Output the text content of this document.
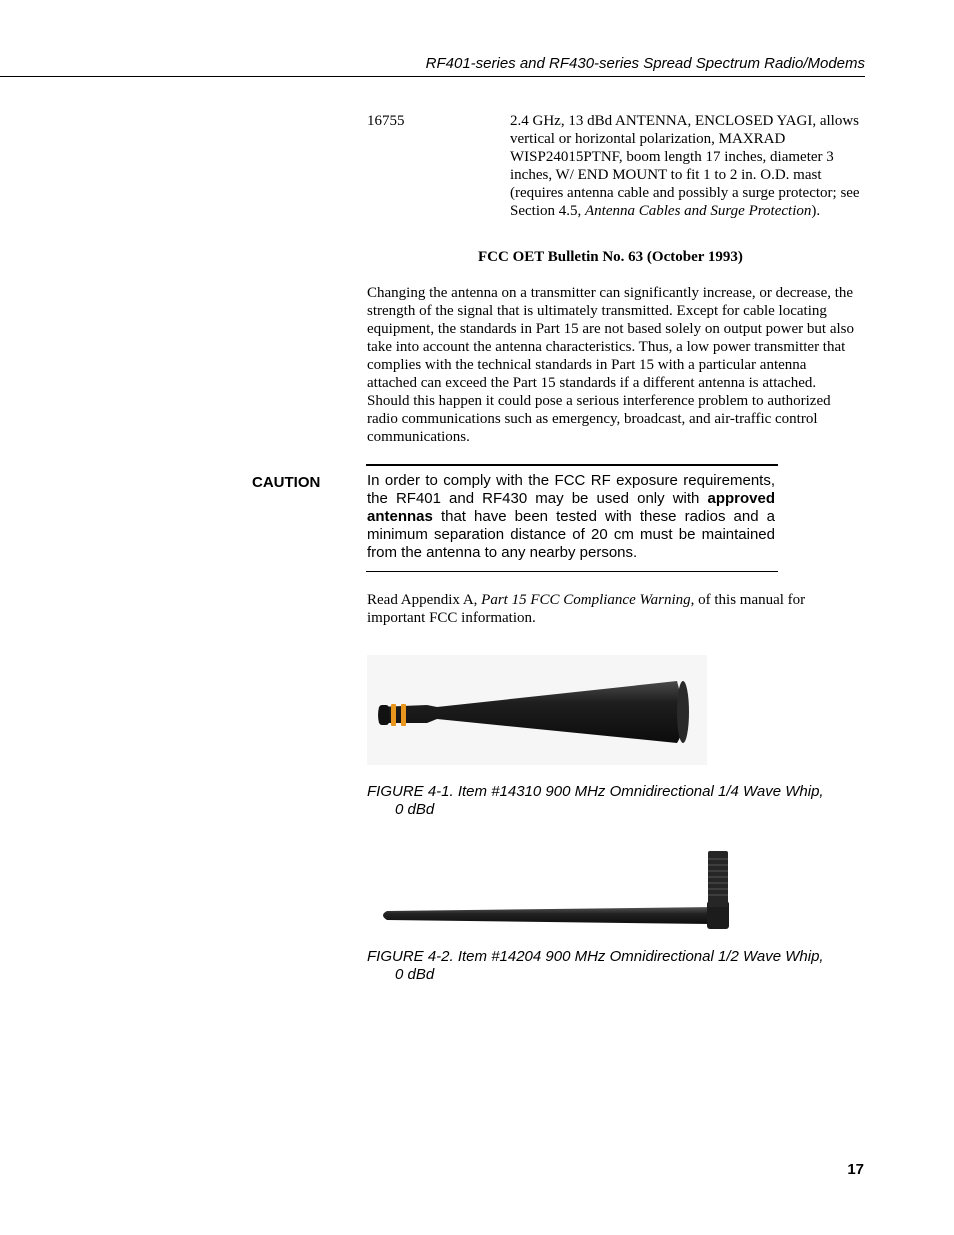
RF401-series and RF430-series Spread Spectrum Radio/Modems
16755	2.4 GHz, 13 dBd ANTENNA, ENCLOSED YAGI, allows vertical or horizontal polarization, MAXRAD WISP24015PTNF, boom length 17 inches, diameter 3 inches, W/ END MOUNT to fit 1 to 2 in. O.D. mast (requires antenna cable and possibly a surge protector; see Section 4.5, Antenna Cables and Surge Protection).
FCC OET Bulletin No. 63 (October 1993)
Changing the antenna on a transmitter can significantly increase, or decrease, the strength of the signal that is ultimately transmitted. Except for cable locating equipment, the standards in Part 15 are not based solely on output power but also take into account the antenna characteristics. Thus, a low power transmitter that complies with the technical standards in Part 15 with a particular antenna attached can exceed the Part 15 standards if a different antenna is attached. Should this happen it could pose a serious interference problem to authorized radio communications such as emergency, broadcast, and air-traffic control communications.
CAUTION	In order to comply with the FCC RF exposure requirements, the RF401 and RF430 may be used only with approved antennas that have been tested with these radios and a minimum separation distance of 20 cm must be maintained from the antenna to any nearby persons.
Read Appendix A, Part 15 FCC Compliance Warning, of this manual for important FCC information.
FIGURE 4-1. Item #14310 900 MHz Omnidirectional 1/4 Wave Whip,
0 dBd
FIGURE 4-2. Item #14204 900 MHz Omnidirectional 1/2 Wave Whip,
0 dBd
17
